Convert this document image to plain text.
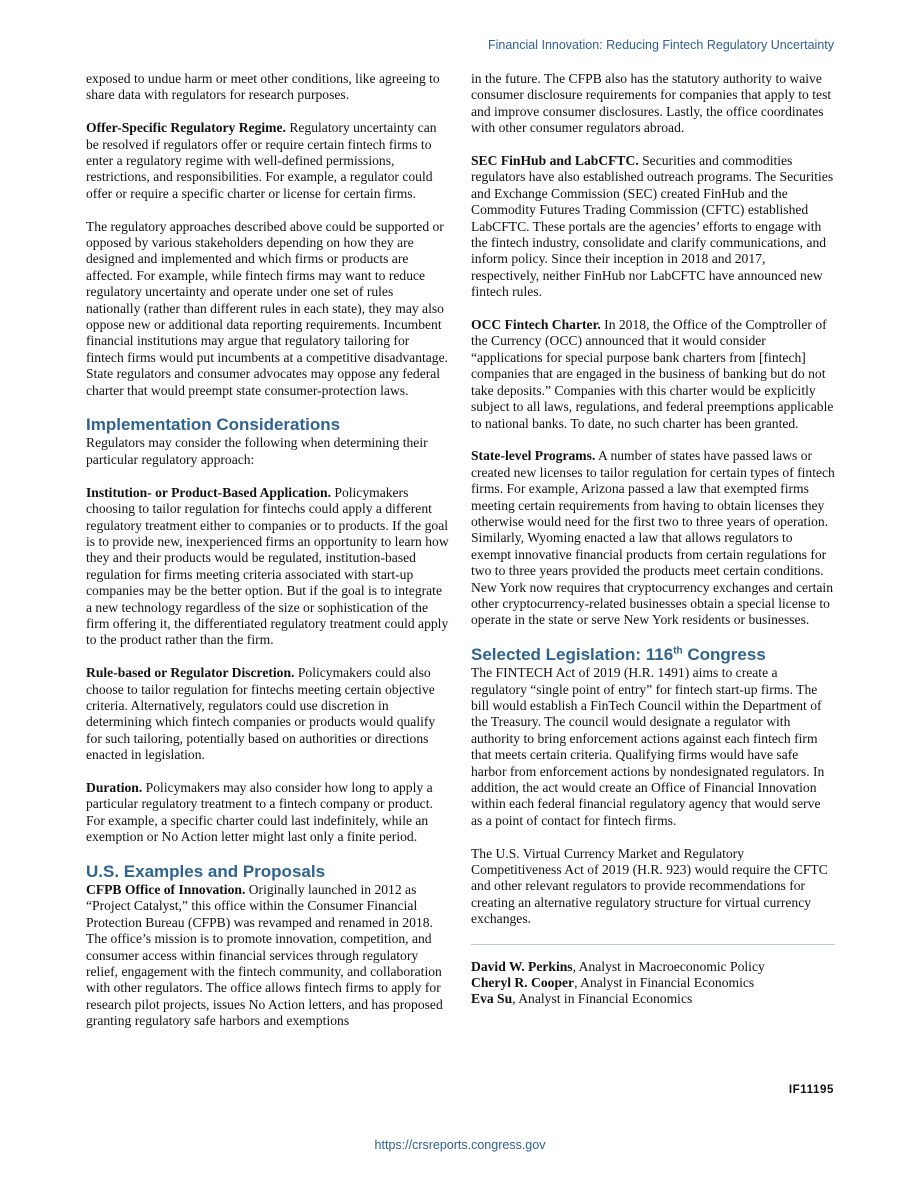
Financial Innovation: Reducing Fintech Regulatory Uncertainty

exposed to undue harm or meet other conditions, like agreeing to share data with regulators for research purposes.

Offer-Specific Regulatory Regime. Regulatory uncertainty can be resolved if regulators offer or require certain fintech firms to enter a regulatory regime with well-defined permissions, restrictions, and responsibilities. For example, a regulator could offer or require a specific charter or license for certain firms.

The regulatory approaches described above could be supported or opposed by various stakeholders depending on how they are designed and implemented and which firms or products are affected. For example, while fintech firms may want to reduce regulatory uncertainty and operate under one set of rules nationally (rather than different rules in each state), they may also oppose new or additional data reporting requirements. Incumbent financial institutions may argue that regulatory tailoring for fintech firms would put incumbents at a competitive disadvantage. State regulators and consumer advocates may oppose any federal charter that would preempt state consumer-protection laws.

Implementation Considerations

Regulators may consider the following when determining their particular regulatory approach:

Institution- or Product-Based Application. Policymakers choosing to tailor regulation for fintechs could apply a different regulatory treatment either to companies or to products. If the goal is to provide new, inexperienced firms an opportunity to learn how they and their products would be regulated, institution-based regulation for firms meeting criteria associated with start-up companies may be the better option. But if the goal is to integrate a new technology regardless of the size or sophistication of the firm offering it, the differentiated regulatory treatment could apply to the product rather than the firm.

Rule-based or Regulator Discretion. Policymakers could also choose to tailor regulation for fintechs meeting certain objective criteria. Alternatively, regulators could use discretion in determining which fintech companies or products would qualify for such tailoring, potentially based on authorities or directions enacted in legislation.

Duration. Policymakers may also consider how long to apply a particular regulatory treatment to a fintech company or product. For example, a specific charter could last indefinitely, while an exemption or No Action letter might last only a finite period.

U.S. Examples and Proposals

CFPB Office of Innovation. Originally launched in 2012 as “Project Catalyst,” this office within the Consumer Financial Protection Bureau (CFPB) was revamped and renamed in 2018. The office’s mission is to promote innovation, competition, and consumer access within financial services through regulatory relief, engagement with the fintech community, and collaboration with other regulators. The office allows fintech firms to apply for research pilot projects, issues No Action letters, and has proposed granting regulatory safe harbors and exemptions

in the future. The CFPB also has the statutory authority to waive consumer disclosure requirements for companies that apply to test and improve consumer disclosures. Lastly, the office coordinates with other consumer regulators abroad.

SEC FinHub and LabCFTC. Securities and commodities regulators have also established outreach programs. The Securities and Exchange Commission (SEC) created FinHub and the Commodity Futures Trading Commission (CFTC) established LabCFTC. These portals are the agencies’ efforts to engage with the fintech industry, consolidate and clarify communications, and inform policy. Since their inception in 2018 and 2017, respectively, neither FinHub nor LabCFTC have announced new fintech rules.

OCC Fintech Charter. In 2018, the Office of the Comptroller of the Currency (OCC) announced that it would consider “applications for special purpose bank charters from [fintech] companies that are engaged in the business of banking but do not take deposits.” Companies with this charter would be explicitly subject to all laws, regulations, and federal preemptions applicable to national banks. To date, no such charter has been granted.

State-level Programs. A number of states have passed laws or created new licenses to tailor regulation for certain types of fintech firms. For example, Arizona passed a law that exempted firms meeting certain requirements from having to obtain licenses they otherwise would need for the first two to three years of operation. Similarly, Wyoming enacted a law that allows regulators to exempt innovative financial products from certain regulations for two to three years provided the products meet certain conditions. New York now requires that cryptocurrency exchanges and certain other cryptocurrency-related businesses obtain a special license to operate in the state or serve New York residents or businesses.

Selected Legislation: 116th Congress

The FINTECH Act of 2019 (H.R. 1491) aims to create a regulatory “single point of entry” for fintech start-up firms. The bill would establish a FinTech Council within the Department of the Treasury. The council would designate a regulator with authority to bring enforcement actions against each fintech firm that meets certain criteria. Qualifying firms would have safe harbor from enforcement actions by nondesignated regulators. In addition, the act would create an Office of Financial Innovation within each federal financial regulatory agency that would serve as a point of contact for fintech firms.

The U.S. Virtual Currency Market and Regulatory Competitiveness Act of 2019 (H.R. 923) would require the CFTC and other relevant regulators to provide recommendations for creating an alternative regulatory structure for virtual currency exchanges.

David W. Perkins, Analyst in Macroeconomic Policy
Cheryl R. Cooper, Analyst in Financial Economics
Eva Su, Analyst in Financial Economics
IF11195
https://crsreports.congress.gov
